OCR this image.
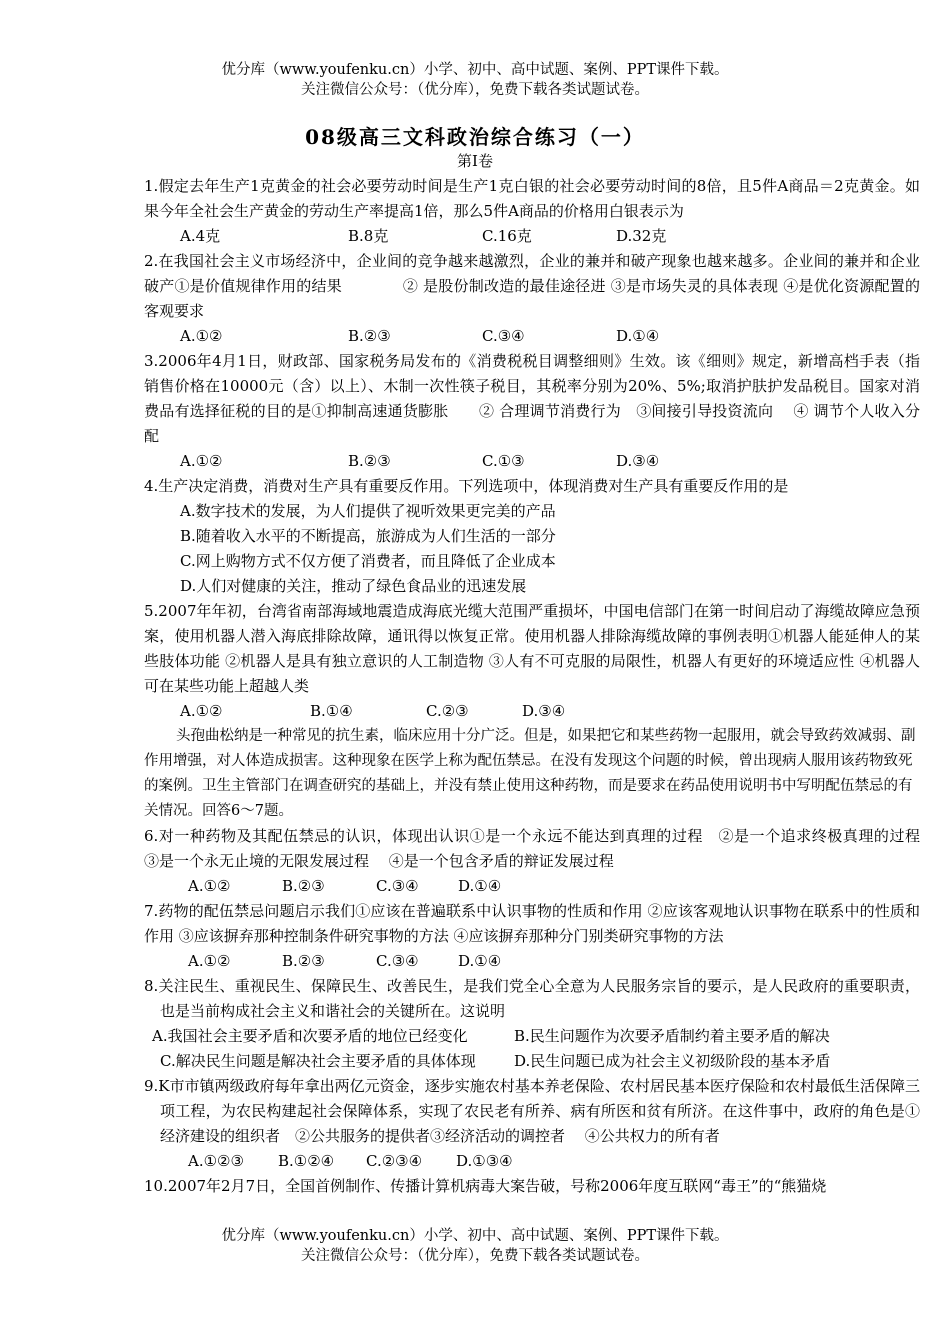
优分库（www.youfenku.cn）小学、初中、高中试题、案例、PPT课件下载。
关注微信公众号：（优分库），免费下载各类试题试卷。
08级高三文科政治综合练习（一）
第I卷

1.假定去年生产1克黄金的社会必要劳动时间是生产1克白银的社会必要劳动时间的8倍，且5件A商品＝2克黄金。如果今年全社会生产黄金的劳动生产率提高1倍，那么5件A商品的价格用白银表示为

A.4克	B.8克	C.16克	D.32克

2.在我国社会主义市场经济中，企业间的竞争越来越激烈，企业的兼并和破产现象也越来越多。企业间的兼并和企业破产①是价值规律作用的结果　　　　② 是股份制改造的最佳途径进 ③是市场失灵的具体表现 ④是优化资源配置的客观要求

A.①②	B.②③	C.③④	D.①④

3.2006年4月1日，财政部、国家税务局发布的《消费税税目调整细则》生效。该《细则》规定，新增高档手表（指销售价格在10000元（含）以上）、木制一次性筷子税目，其税率分别为20%、5%;取消护肤护发品税目。国家对消费品有选择征税的目的是①抑制高速通货膨胀　　② 合理调节消费行为　③间接引导投资流向　 ④ 调节个人收入分配

A.①②	B.②③	C.①③	D.③④

4.生产决定消费，消费对生产具有重要反作用。下列选项中，体现消费对生产具有重要反作用的是

A.数字技术的发展，为人们提供了视听效果更完美的产品
B.随着收入水平的不断提高，旅游成为人们生活的一部分
C.网上购物方式不仅方便了消费者，而且降低了企业成本
D.人们对健康的关注，推动了绿色食品业的迅速发展

5.2007年年初，台湾省南部海域地震造成海底光缆大范围严重损坏，中国电信部门在第一时间启动了海缆故障应急预案，使用机器人潜入海底排除故障，通讯得以恢复正常。使用机器人排除海缆故障的事例表明①机器人能延伸人的某些肢体功能 ②机器人是具有独立意识的人工制造物 ③人有不可克服的局限性，机器人有更好的环境适应性 ④机器人可在某些功能上超越人类

A.①②	B.①④	C.②③	D.③④

头孢曲松纳是一种常见的抗生素，临床应用十分广泛。但是，如果把它和某些药物一起服用，就会导致药效减弱、副作用增强，对人体造成损害。这种现象在医学上称为配伍禁忌。在没有发现这个问题的时候，曾出现病人服用该药物致死的案例。卫生主管部门在调查研究的基础上，并没有禁止使用这种药物，而是要求在药品使用说明书中写明配伍禁忌的有关情况。回答6～7题。

6.对一种药物及其配伍禁忌的认识，体现出认识①是一个永远不能达到真理的过程　②是一个追求终极真理的过程　③是一个永无止境的无限发展过程　 ④是一个包含矛盾的辩证发展过程

A.①②	B.②③	C.③④	D.①④

7.药物的配伍禁忌问题启示我们①应该在普遍联系中认识事物的性质和作用 ②应该客观地认识事物在联系中的性质和作用 ③应该摒弃那种控制条件研究事物的方法 ④应该摒弃那种分门别类研究事物的方法

A.①②	B.②③	C.③④	D.①④

8.关注民生、重视民生、保障民生、改善民生，是我们党全心全意为人民服务宗旨的要示，是人民政府的重要职责，也是当前构成社会主义和谐社会的关键所在。这说明

A.我国社会主要矛盾和次要矛盾的地位已经变化	B.民生问题作为次要矛盾制约着主要矛盾的解决
C.解决民生问题是解决社会主要矛盾的具体体现	D.民生问题已成为社会主义初级阶段的基本矛盾

9.K市市镇两级政府每年拿出两亿元资金，逐步实施农村基本养老保险、农村居民基本医疗保险和农村最低生活保障三项工程，为农民构建起社会保障体系，实现了农民老有所养、病有所医和贫有所济。在这件事中，政府的角色是①经济建设的组织者　②公共服务的提供者③经济活动的调控者　 ④公共权力的所有者

A.①②③	B.①②④	C.②③④	D.①③④

10.2007年2月7日，全国首例制作、传播计算机病毒大案告破，号称2006年度互联网“毒王”的“熊猫烧

优分库（www.youfenku.cn）小学、初中、高中试题、案例、PPT课件下载。
关注微信公众号：（优分库），免费下载各类试题试卷。
